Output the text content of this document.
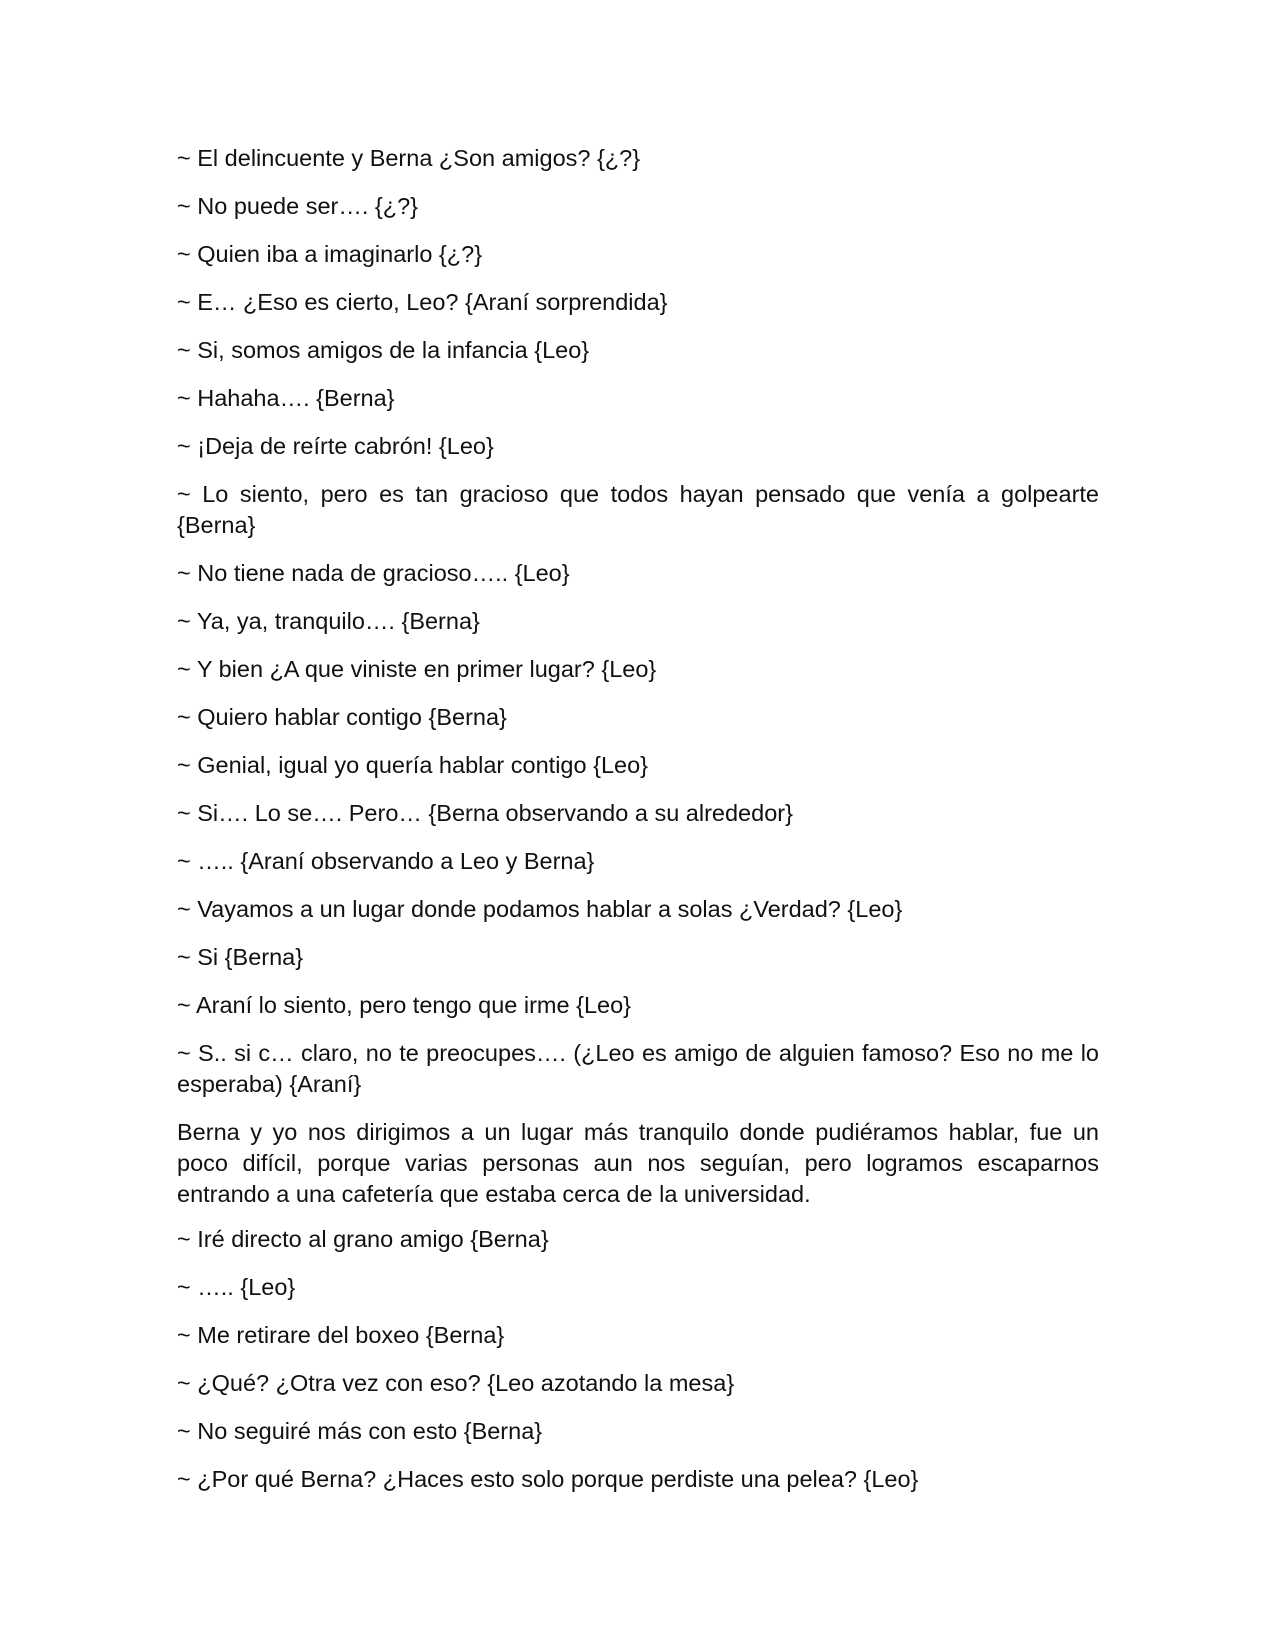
~ El delincuente y Berna ¿Son amigos? {¿?}

~ No puede ser…. {¿?}

~ Quien iba a imaginarlo {¿?}

~ E… ¿Eso es cierto, Leo? {Araní sorprendida}

~ Si, somos amigos de la infancia {Leo}

~ Hahaha…. {Berna}

~ ¡Deja de reírte cabrón! {Leo}

~ Lo siento, pero es tan gracioso que todos hayan pensado que venía a golpearte {Berna}

~ No tiene nada de gracioso….. {Leo}

~ Ya, ya, tranquilo…. {Berna}

~ Y bien ¿A que viniste en primer lugar? {Leo}

~ Quiero hablar contigo {Berna}

~ Genial, igual yo quería hablar contigo {Leo}

~ Si…. Lo se…. Pero… {Berna observando a su alrededor}

~ ….. {Araní observando a Leo y Berna}

~ Vayamos a un lugar donde podamos hablar a solas ¿Verdad? {Leo}

~ Si {Berna}

~ Araní lo siento, pero tengo que irme {Leo}

~ S.. si c… claro, no te preocupes…. (¿Leo es amigo de alguien famoso? Eso no me lo esperaba) {Araní}

Berna y yo nos dirigimos a un lugar más tranquilo donde pudiéramos hablar, fue un poco difícil, porque varias personas aun nos seguían, pero logramos escaparnos entrando a una cafetería que estaba cerca de la universidad.

~ Iré directo al grano amigo {Berna}

~ ….. {Leo}

~ Me retirare del boxeo {Berna}

~ ¿Qué? ¿Otra vez con eso? {Leo azotando la mesa}

~ No seguiré más con esto {Berna}

~ ¿Por qué Berna? ¿Haces esto solo porque perdiste una pelea? {Leo}
